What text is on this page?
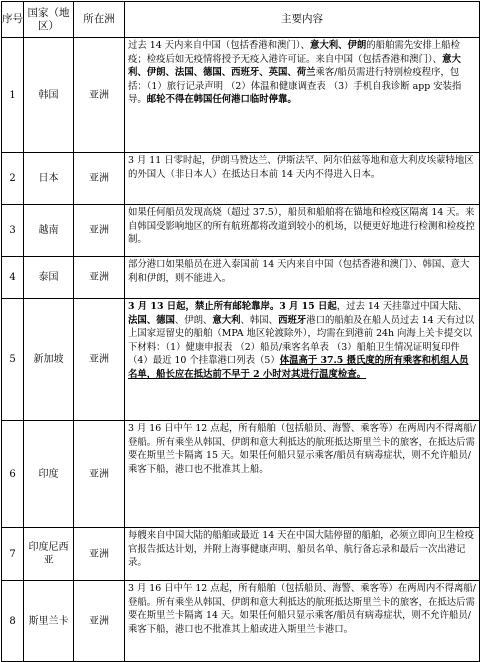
序号	国家（地区）	所在洲	主要内容
1	韩国	亚洲	过去 14 天内来自中国（包括香港和澳门）、意大利、伊朗的船舶需先安排上船检疫；检疫后如无疫情将授予无疫入港许可证。来自中国（包括香港和澳门）、意大利、伊朗、法国、德国、西班牙、英国、荷兰乘客/船员需进行特别检疫程序，包括：（1）旅行记录声明 （2）体温和健康调查表 （3）手机自我诊断 app 安装指导。邮轮不得在韩国任何港口临时停靠。
2	日本	亚洲	3 月 11 日零时起，伊朗马赞达兰、伊斯法罕、阿尔伯兹等地和意大利皮埃蒙特地区的外国人（非日本人）在抵达日本前 14 天内不得进入日本。
3	越南	亚洲	如果任何船员发现高烧（超过 37.5），船员和船舶将在锚地和检疫区隔离 14 天。来自韩国受影响地区的所有航班都将改道到较小的机场，以便更好地进行检测和检疫控制。
4	泰国	亚洲	部分港口如果船员在进入泰国前 14 天内来自中国（包括香港和澳门）、韩国、意大利和伊朗，则不能进入。
5	新加坡	亚洲	3 月 13 日起，禁止所有邮轮靠岸。3 月 15 日起，过去 14 天挂靠过中国大陆、法国、德国、伊朗、意大利、韩国、西班牙港口的船舶及在船人员过去 14 天有过以上国家逗留史的船舶（MPA 地区轮渡除外），均需在到港前 24h 向海上关卡提交以下材料：（1）健康申报表 （2）船员/乘客名单表 （3）船舶卫生情况证明复印件 （4）最近 10 个挂靠港口列表（5）体温高于 37.5 摄氏度的所有乘客和机组人员名单，船长应在抵达前不早于 2 小时对其进行温度检查。
6	印度	亚洲	3 月 16 日中午 12 点起，所有船舶（包括船员、海警、乘客等）在两周内不得离船/登船。所有乘坐从韩国、伊朗和意大利抵达的航班抵达斯里兰卡的旅客，在抵达后需要在斯里兰卡隔离 15 天。如果任何船只显示乘客/船员有病毒症状，则不允许船员/乘客下船，港口也不批准其上船。
7	印度尼西亚	亚洲	每艘来自中国大陆的船舶或最近 14 天在中国大陆停留的船舶，必须立即向卫生检疫官报告抵达计划，并附上海事健康声明、船员名单、航行备忘录和最后一次出港记录。
8	斯里兰卡	亚洲	3 月 16 日中午 12 点起，所有船舶（包括船员、海警、乘客等）在两周内不得离船/登船。所有乘坐从韩国、伊朗和意大利抵达的航班抵达斯里兰卡的旅客，在抵达后需要在斯里兰卡隔离 14 天。如果任何船只显示乘客/船员有病毒症状，则不允许船员/乘客下船，港口也不批准其上船或进入斯里兰卡港口。
